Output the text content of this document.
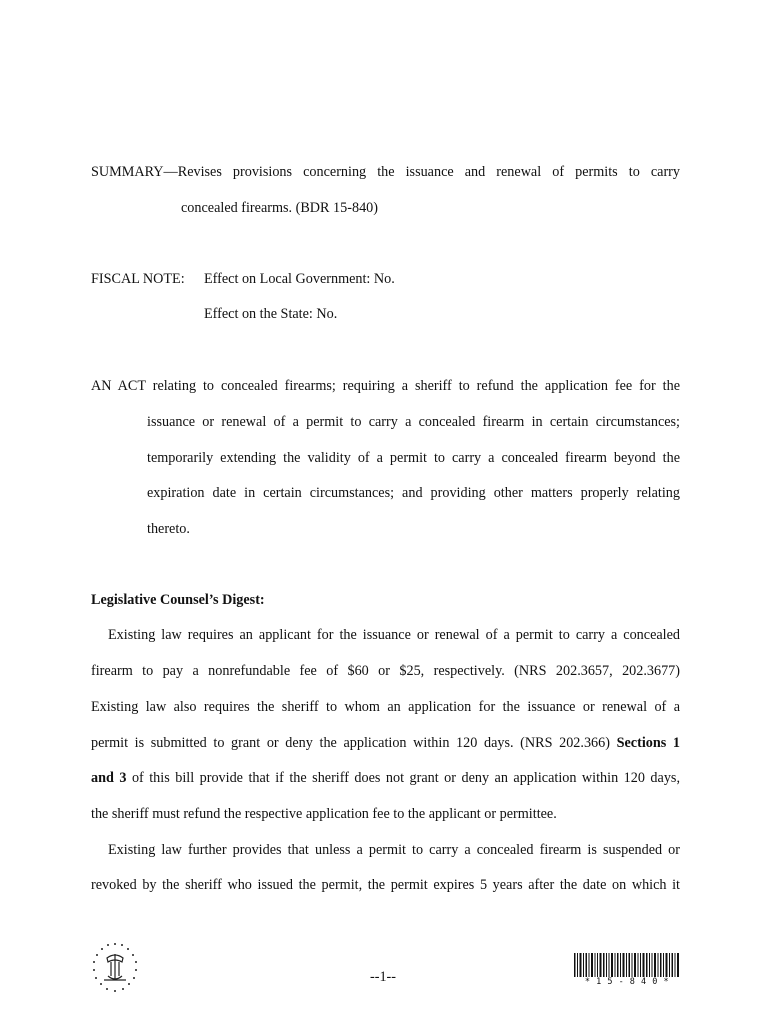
SUMMARY—Revises provisions concerning the issuance and renewal of permits to carry
concealed firearms. (BDR 15-840)
FISCAL NOTE: Effect on Local Government: No.
Effect on the State: No.
AN ACT relating to concealed firearms; requiring a sheriff to refund the application fee for the
issuance or renewal of a permit to carry a concealed firearm in certain circumstances;
temporarily extending the validity of a permit to carry a concealed firearm beyond the
expiration date in certain circumstances; and providing other matters properly relating
thereto.
Legislative Counsel’s Digest:
Existing law requires an applicant for the issuance or renewal of a permit to carry a concealed
firearm to pay a nonrefundable fee of $60 or $25, respectively. (NRS 202.3657, 202.3677)
Existing law also requires the sheriff to whom an application for the issuance or renewal of a
permit is submitted to grant or deny the application within 120 days. (NRS 202.366) Sections 1
and 3 of this bill provide that if the sheriff does not grant or deny an application within 120 days,
the sheriff must refund the respective application fee to the applicant or permittee.
Existing law further provides that unless a permit to carry a concealed firearm is suspended or
revoked by the sheriff who issued the permit, the permit expires 5 years after the date on which it
--1--	* 1 5 - 8 4 0 *
